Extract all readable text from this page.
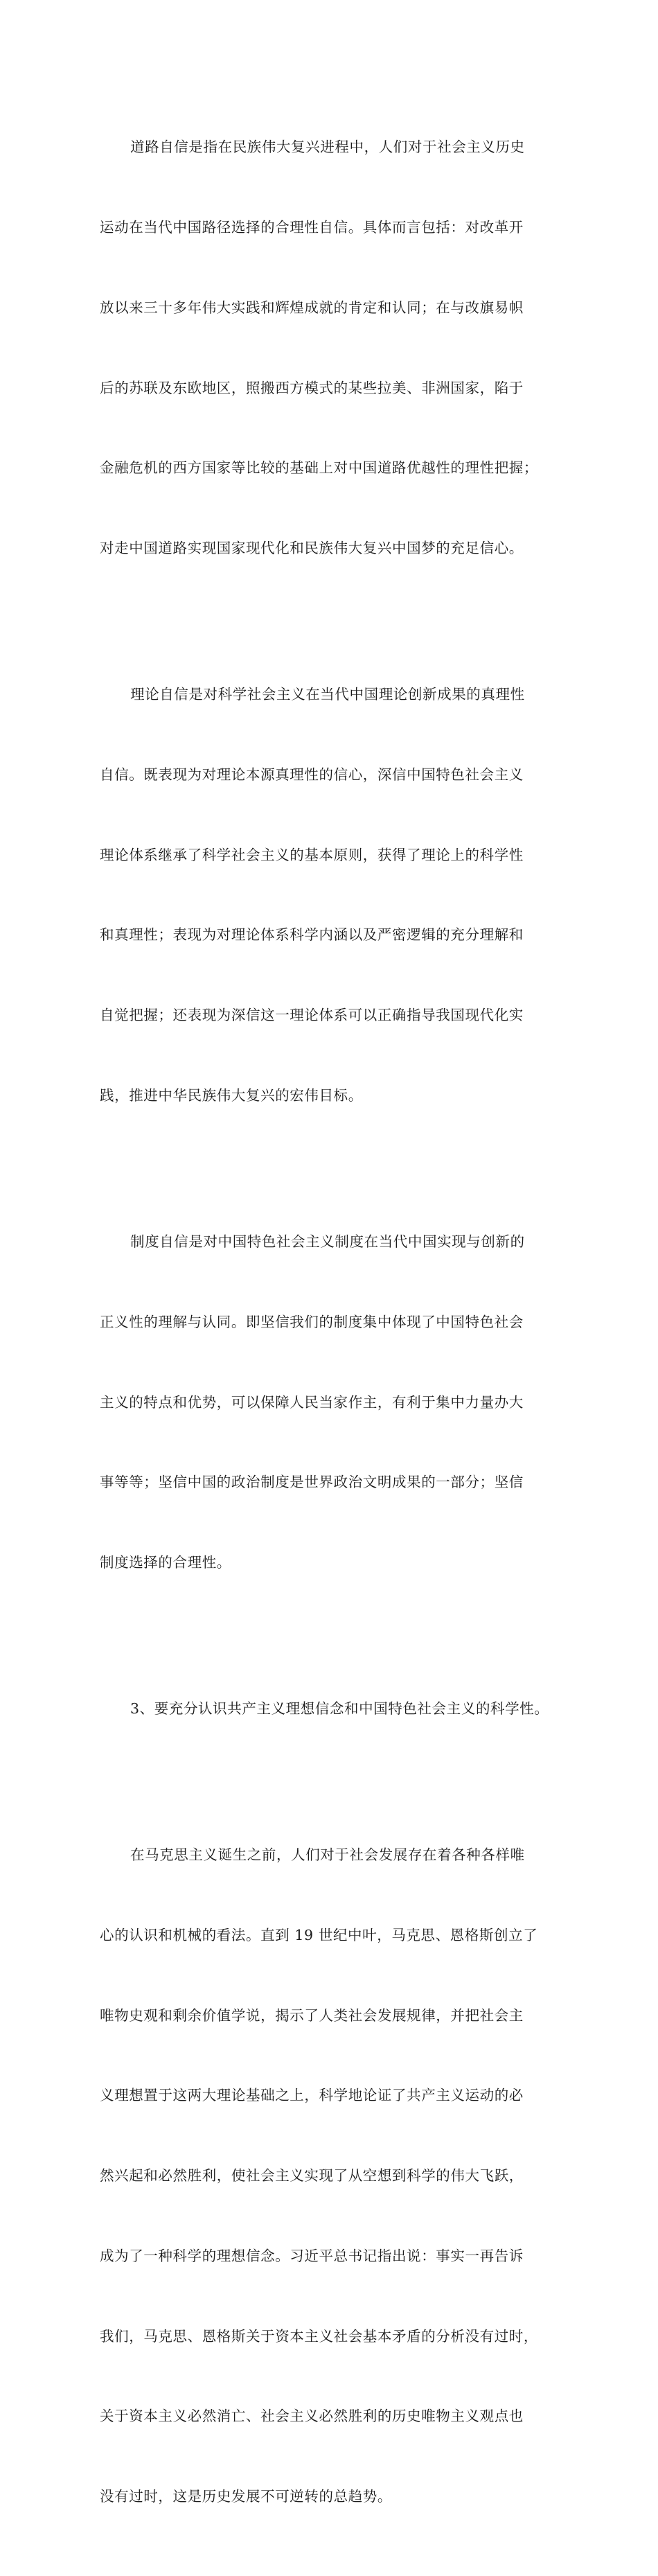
道路自信是指在民族伟大复兴进程中，人们对于社会主义历史

运动在当代中国路径选择的合理性自信。具体而言包括：对改革开

放以来三十多年伟大实践和辉煌成就的肯定和认同；在与改旗易帜

后的苏联及东欧地区，照搬西方模式的某些拉美、非洲国家，陷于

金融危机的西方国家等比较的基础上对中国道路优越性的理性把握；

对走中国道路实现国家现代化和民族伟大复兴中国梦的充足信心。

理论自信是对科学社会主义在当代中国理论创新成果的真理性

自信。既表现为对理论本源真理性的信心，深信中国特色社会主义

理论体系继承了科学社会主义的基本原则，获得了理论上的科学性

和真理性；表现为对理论体系科学内涵以及严密逻辑的充分理解和

自觉把握；还表现为深信这一理论体系可以正确指导我国现代化实

践，推进中华民族伟大复兴的宏伟目标。

制度自信是对中国特色社会主义制度在当代中国实现与创新的

正义性的理解与认同。即坚信我们的制度集中体现了中国特色社会

主义的特点和优势，可以保障人民当家作主，有利于集中力量办大

事等等；坚信中国的政治制度是世界政治文明成果的一部分；坚信

制度选择的合理性。

3、要充分认识共产主义理想信念和中国特色社会主义的科学性。

在马克思主义诞生之前，人们对于社会发展存在着各种各样唯

心的认识和机械的看法。直到 19 世纪中叶，马克思、恩格斯创立了

唯物史观和剩余价值学说，揭示了人类社会发展规律，并把社会主

义理想置于这两大理论基础之上，科学地论证了共产主义运动的必

然兴起和必然胜利，使社会主义实现了从空想到科学的伟大飞跃，

成为了一种科学的理想信念。习近平总书记指出说：事实一再告诉

我们，马克思、恩格斯关于资本主义社会基本矛盾的分析没有过时，

关于资本主义必然消亡、社会主义必然胜利的历史唯物主义观点也

没有过时，这是历史发展不可逆转的总趋势。
